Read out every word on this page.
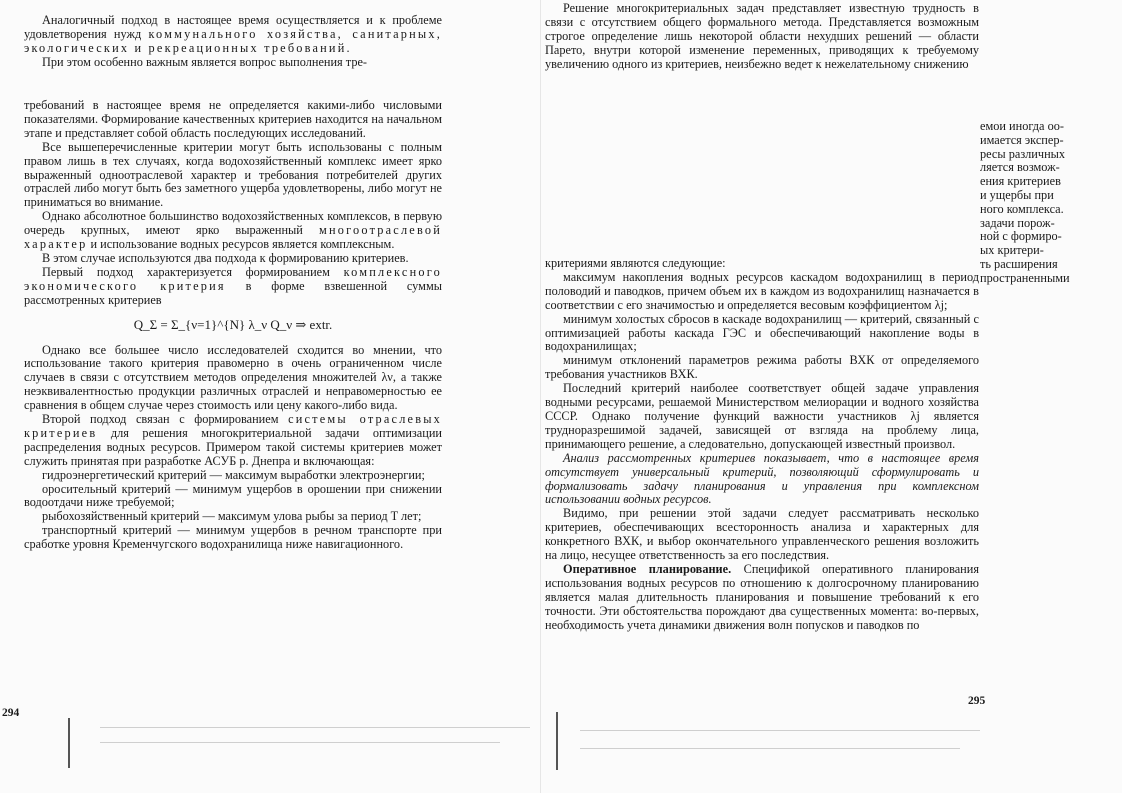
Аналогичный подход в настоящее время осуществляется и к проблеме удовлетворения нужд коммунального хозяйства, санитарных, экологических и рекреационных требований.

При этом особенно важным является вопрос выполнения тре-

требований в настоящее время не определяется какими-либо числовыми показателями. Формирование качественных критериев находится на начальном этапе и представляет собой область последующих исследований.

Все вышеперечисленные критерии могут быть использованы с полным правом лишь в тех случаях, когда водохозяйственный комплекс имеет ярко выраженный одноотраслевой характер и требования потребителей других отраслей либо могут быть без заметного ущерба удовлетворены, либо могут не приниматься во внимание.

Однако абсолютное большинство водохозяйственных комплексов, в первую очередь крупных, имеют ярко выраженный многоотраслевой характер и использование водных ресурсов является комплексным.

В этом случае используются два подхода к формированию критериев.

Первый подход характеризуется формированием комплексного экономического критерия в форме взвешенной суммы рассмотренных критериев

Q_Σ = Σ_{ν=1}^{N} λ_ν Q_ν ⇒ extr.

Однако все большее число исследователей сходится во мнении, что использование такого критерия правомерно в очень ограниченном числе случаев в связи с отсутствием методов определения множителей λν, а также неэквивалентностью продукции различных отраслей и неправомерностью ее сравнения в общем случае через стоимость или цену какого-либо вида.

Второй подход связан с формированием системы отраслевых критериев для решения многокритериальной задачи оптимизации распределения водных ресурсов. Примером такой системы критериев может служить принятая при разработке АСУБ р. Днепра и включающая:

гидроэнергетический критерий — максимум выработки электроэнергии;

оросительный критерий — минимум ущербов в орошении при снижении водоотдачи ниже требуемой;

рыбохозяйственный критерий — максимум улова рыбы за период T лет;

транспортный критерий — минимум ущербов в речном транспорте при сработке уровня Кременчугского водохранилища ниже навигационного.

294

Решение многокритериальных задач представляет известную трудность в связи с отсутствием общего формального метода. Представляется возможным строгое определение лишь некоторой области нехудших решений — области Парето, внутри которой изменение переменных, приводящих к требуемому увеличению одного из критериев, неизбежно ведет к нежелательному снижению

критериями являются следующие:

максимум накопления водных ресурсов каскадом водохранилищ в период половодий и паводков, причем объем их в каждом из водохранилищ назначается в соответствии с его значимостью и определяется весовым коэффициентом λj;

минимум холостых сбросов в каскаде водохранилищ — критерий, связанный с оптимизацией работы каскада ГЭС и обеспечивающий накопление воды в водохранилищах;

минимум отклонений параметров режима работы ВХК от определяемого требования участников ВХК.

Последний критерий наиболее соответствует общей задаче управления водными ресурсами, решаемой Министерством мелиорации и водного хозяйства СССР. Однако получение функций важности участников λj является трудноразрешимой задачей, зависящей от взгляда на проблему лица, принимающего решение, а следовательно, допускающей известный произвол.

Анализ рассмотренных критериев показывает, что в настоящее время отсутствует универсальный критерий, позволяющий сформулировать и формализовать задачу планирования и управления при комплексном использовании водных ресурсов.

Видимо, при решении этой задачи следует рассматривать несколько критериев, обеспечивающих всесторонность анализа и характерных для конкретного ВХК, и выбор окончательного управленческого решения возложить на лицо, несущее ответственность за его последствия.

Оперативное планирование. Спецификой оперативного планирования использования водных ресурсов по отношению к долгосрочному планированию является малая длительность планирования и повышение требований к его точности. Эти обстоятельства порождают два существенных момента: во-первых, необходимость учета динамики движения волн попусков и паводков по

295
емои иногда оо-
имается экспер-
ресы различных
ляется возмож-
ения критериев
и ущербы при
ного комплекса.
задачи порож-
ной с формиро-
ых критери-
ть расширения
пространенными
